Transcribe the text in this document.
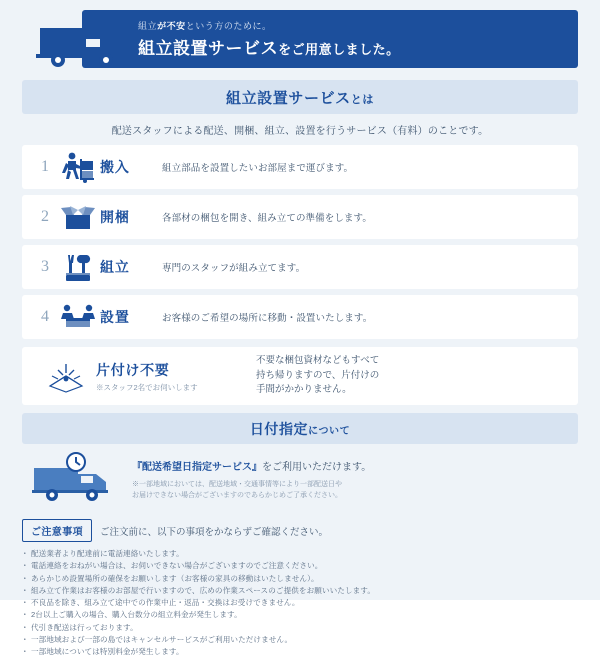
組立が不安という方のために。
組立設置サービスをご用意しました。
組立設置サービスとは
配送スタッフによる配送、開梱、組立、設置を行うサービス（有料）のことです。
1	搬入	組立部品を設置したいお部屋まで運びます。
2	開梱	各部材の梱包を開き、組み立ての準備をします。
3	組立	専門のスタッフが組み立てます。
4	設置	お客様のご希望の場所に移動・設置いたします。
片付け不要
※スタッフ2名でお伺いします
不要な梱包資材などもすべて
持ち帰りますので、片付けの
手間がかかりません。
日付指定について
『配送希望日指定サービス』をご利用いただけます。
※一部地域においては、配送地域・交通事情等により一部配送日や
お届けできない場合がございますのであらかじめご了承ください。
ご注意事項	ご注文前に、以下の事項をかならずご確認ください。
・ 配送業者より配達前に電話連絡いたします。
・ 電話連絡をおねがい場合は、お伺いできない場合がございますのでご注意ください。
・ あらかじめ設置場所の確保をお願いします（お客様の家具の移動はいたしません）。
・ 組み立て作業はお客様のお部屋で行いますので、広めの作業スペースのご提供をお願いいたします。
・ 不良品を除き、組み立て途中での作業中止・返品・交換はお受けできません。
・ 2台以上ご購入の場合、購入台数分の組立料金が発生します。
・ 代引き配送は行っております。
・ 一部地域および一部の島ではキャンセルサービスがご利用いただけません。
・ 一部地域については特別料金が発生します。
